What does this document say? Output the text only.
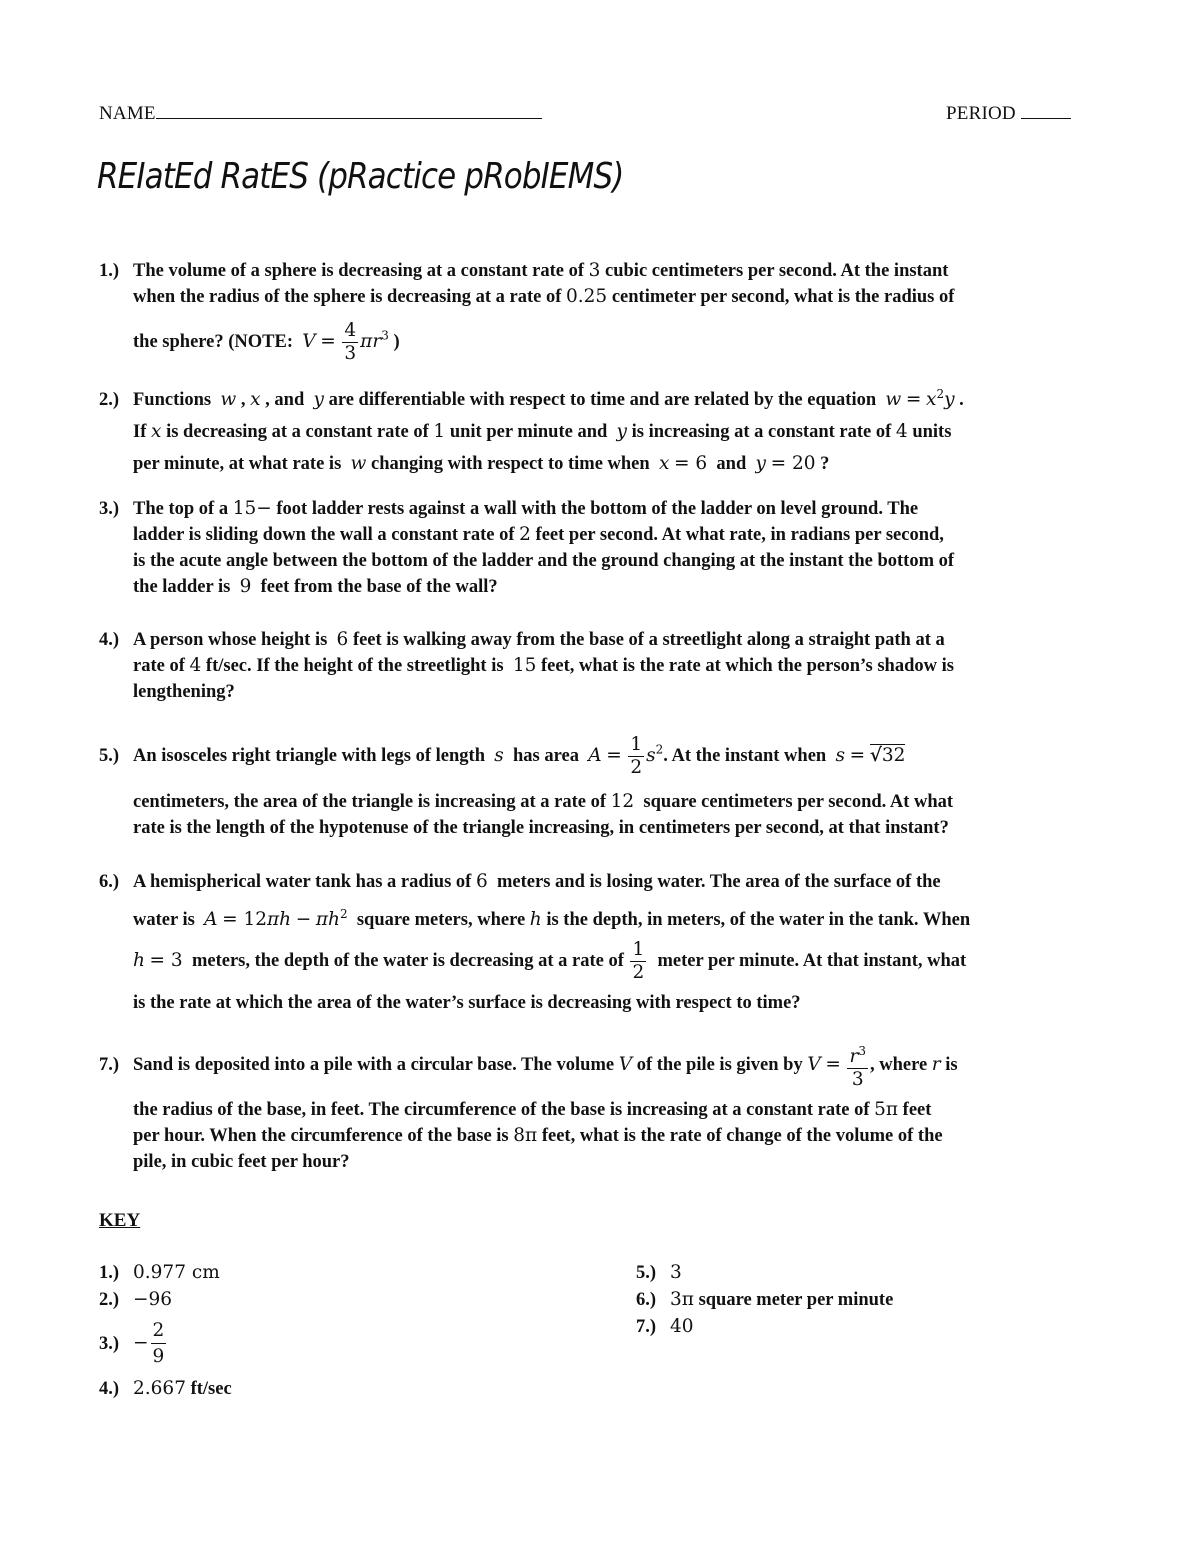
NAME	PERIOD
REIatEd RatES (pRactice pRobIEMS)
1.) The volume of a sphere is decreasing at a constant rate of 3 cubic centimeters per second. At the instant
when the radius of the sphere is decreasing at a rate of 0.25 centimeter per second, what is the radius of
the sphere? (NOTE: $V = \frac{4}{3} \pi r^3$ )
2.) Functions w , x , and  y are differentiable with respect to time and are related by the equation $w = x^2y$ .
If x is decreasing at a constant rate of 1 unit per minute and y is increasing at a constant rate of 4 units
per minute, at what rate is w changing with respect to time when x = 6 and y = 20 ?
3.) The top of a 15− foot ladder rests against a wall with the bottom of the ladder on level ground. The
ladder is sliding down the wall a constant rate of 2 feet per second. At what rate, in radians per second,
is the acute angle between the bottom of the ladder and the ground changing at the instant the bottom of
the ladder is 9 feet from the base of the wall?
4.) A person whose height is 6 feet is walking away from the base of a streetlight along a straight path at a
rate of 4 ft/sec. If the height of the streetlight is 15 feet, what is the rate at which the person’s shadow is
lengthening?
5.) An isosceles right triangle with legs of length s has area $A = \frac{1}{2} s^2$. At the instant when s = √32
centimeters, the area of the triangle is increasing at a rate of 12 square centimeters per second. At what
rate is the length of the hypotenuse of the triangle increasing, in centimeters per second, at that instant?
6.) A hemispherical water tank has a radius of 6 meters and is losing water. The area of the surface of the
water is $A = 12\pi h - \pi h^2$ square meters, where h is the depth, in meters, of the water in the tank. When
h = 3 meters, the depth of the water is decreasing at a rate of $\frac{1}{2}$ meter per minute. At that instant, what
is the rate at which the area of the water’s surface is decreasing with respect to time?
7.) Sand is deposited into a pile with a circular base. The volume V of the pile is given by $V = \frac{r^3}{3}$ , where r is
the radius of the base, in feet. The circumference of the base is increasing at a constant rate of 5π feet
per hour. When the circumference of the base is 8π feet, what is the rate of change of the volume of the
pile, in cubic feet per hour?
KEY
1.) 0.977 cm
2.) −96
$3.) - \frac{2}{9}$
4.) 2.667 ft/sec
5.) 3
6.) 3π square meter per minute
7.) 40
